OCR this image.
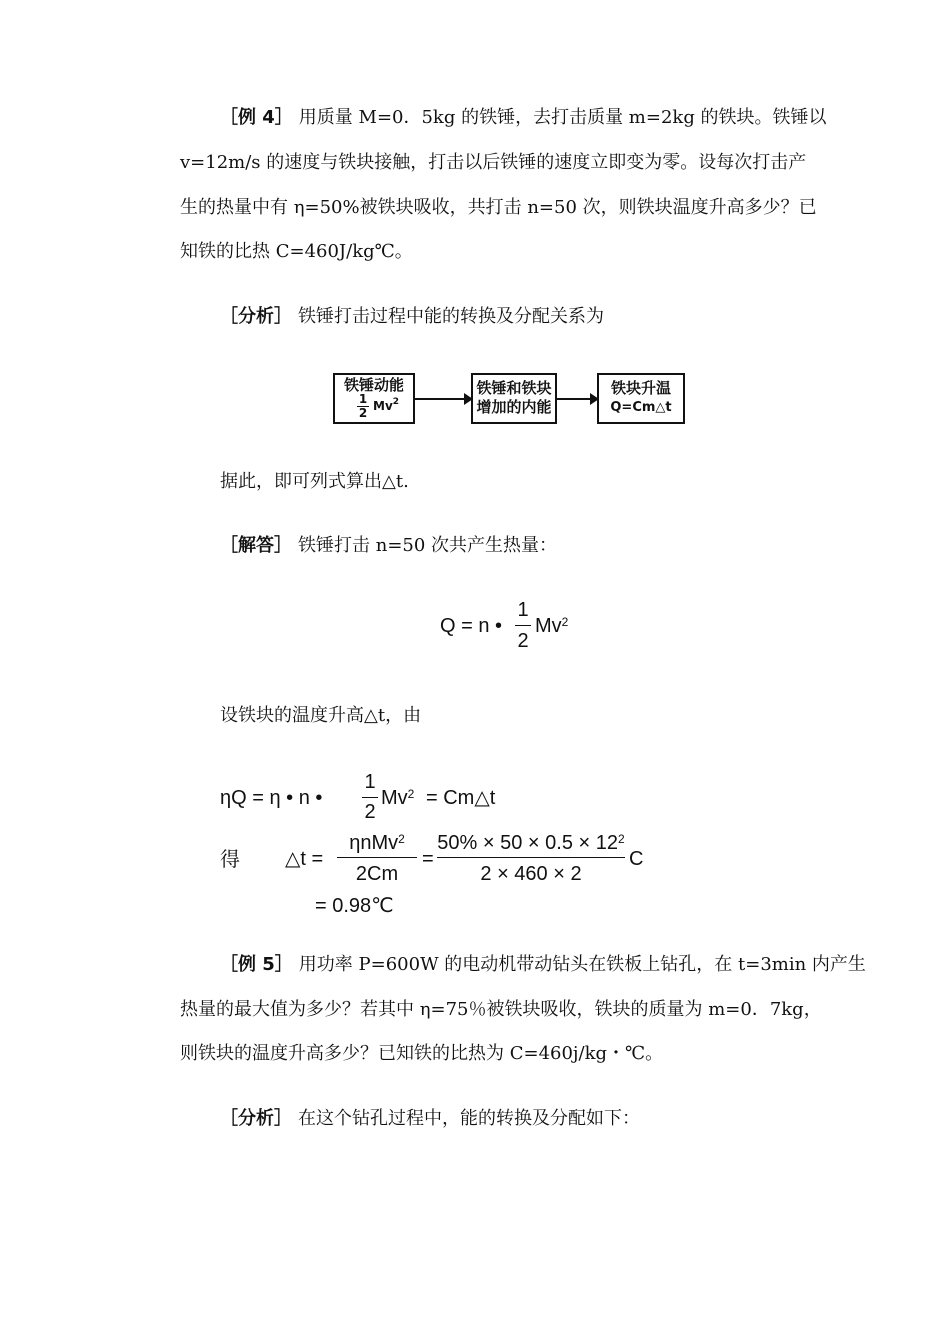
［例 4］ 用质量 M=0．5kg 的铁锤，去打击质量 m=2kg 的铁块。铁锤以
v=12m/s 的速度与铁块接触，打击以后铁锤的速度立即变为零。设每次打击产
生的热量中有 η=50%被铁块吸收，共打击 n=50 次，则铁块温度升高多少？已
知铁的比热 C=460J/kg℃。
［分析］ 铁锤打击过程中能的转换及分配关系为
铁锤动能
1
2 Mv$^2$
铁锤和铁块
增加的内能
铁块升温
Q=Cm△t
据此，即可列式算出△t.
［解答］ 铁锤打击 n=50 次共产生热量：
Q = n •
1
2
Mv$^2$
设铁块的温度升高△t，由
ηQ = η • n •
1
2
$Mv^2$ = Cm△t
得 △t =
ηnMv$^2$
2Cm
=
$50\% \times 50 \times 0.5 \times 12^2$
2 × 460 × 2
C
= 0.98℃
［例 5］ 用功率 P=600W 的电动机带动钻头在铁板上钻孔，在 t=3min 内产生
热量的最大值为多少？若其中 η=75％被铁块吸收，铁块的质量为 m=0．7kg，
则铁块的温度升高多少？已知铁的比热为 C=460j/kg・℃。
［分析］ 在这个钻孔过程中，能的转换及分配如下：
